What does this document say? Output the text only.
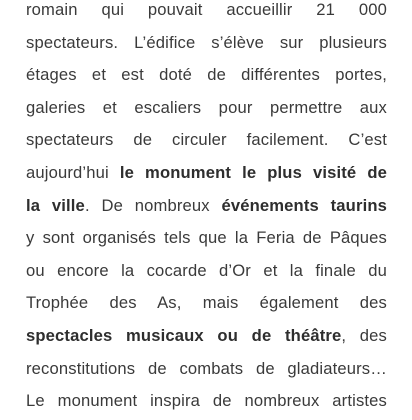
romain qui pouvait accueillir 21 000
spectateurs. L’édifice s’élève sur plusieurs
étages et est doté de différentes portes,
galeries et escaliers pour permettre aux
spectateurs de circuler facilement. C’est
aujourd’hui le monument le plus visité de
la ville. De nombreux événements taurins
y sont organisés tels que la Feria de Pâques
ou encore la cocarde d’Or et la finale du
Trophée des As, mais également des
spectacles musicaux ou de théâtre, des
reconstitutions de combats de gladiateurs…
Le monument inspira de nombreux artistes
